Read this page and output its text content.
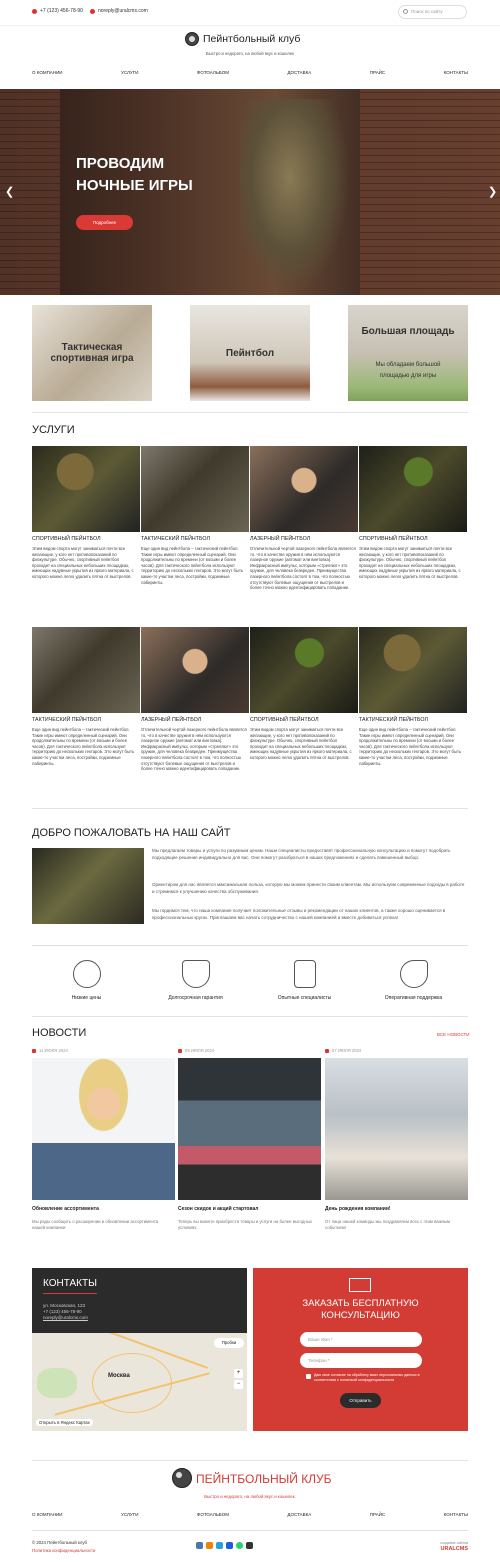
+7 (123) 456-78-90	noreply@uralcms.com	Поиск по сайту
Пейнтбольный клуб
Быстро и недорого, на любой вкус и кошелек
О КОМПАНИИ	УСЛУГИ	ФОТОАЛЬБОМ	ДОСТАВКА	ПРАЙС	КОНТАКТЫ
ПРОВОДИМ
НОЧНЫЕ ИГРЫ
Подробнее
❮	❯
Тактическая спортивная игра	Пейнтбол
Большая площадь
Мы обладаем большой площадью для игры
УСЛУГИ
СПОРТИВНЫЙ ПЕЙНТБОЛ
Этим видом спорта могут заниматься почти все желающие, у кого нет противопоказаний по физкультуре. Обычно, спортивный пейнтбол проходит на специальных небольших площадках, имеющих надувные укрытия из яркого материала, с которого можно легко удалить пятна от выстрелов.
ТАКТИЧЕСКИЙ ПЕЙНТБОЛ
Еще один вид пейнтбола – тактический пейнтбол. Такие игры имеют определенный сценарий. Они продолжительны по времени (от восьми и более часов). Для тактического пейнтбола используют территорию до нескольких гектаров. Это могут быть какие-то участки леса, постройки, подземные лабиринты.
ЛАЗЕРНЫЙ ПЕЙНТБОЛ
Отличительной чертой лазерного пейнтбола является то, что в качестве оружия в нём используются лазерное оружие (автомат или винтовка). Инфракрасный импульс, которым «стреляют» это оружие, для человека безвреден. Преимущества лазерного пейнтбола состоят в том, что полностью отсутствуют болевые ощущения от выстрелов и более точно можно идентифицировать попадание.
СПОРТИВНЫЙ ПЕЙНТБОЛ
Этим видом спорта могут заниматься почти все желающие, у кого нет противопоказаний по физкультуре. Обычно, спортивный пейнтбол проходит на специальных небольших площадках, имеющих надувные укрытия из яркого материала, с которого можно легко удалить пятна от выстрелов.
ТАКТИЧЕСКИЙ ПЕЙНТБОЛ
Еще один вид пейнтбола – тактический пейнтбол. Такие игры имеют определенный сценарий. Они продолжительны по времени (от восьми и более часов). Для тактического пейнтбола используют территорию до нескольких гектаров. Это могут быть какие-то участки леса, постройки, подземные лабиринты.
ЛАЗЕРНЫЙ ПЕЙНТБОЛ
Отличительной чертой лазерного пейнтбола является то, что в качестве оружия в нём используются лазерное оружие (автомат или винтовка). Инфракрасный импульс, которым «стреляют» это оружие, для человека безвреден. Преимущества лазерного пейнтбола состоят в том, что полностью отсутствуют болевые ощущения от выстрелов и более точно можно идентифицировать попадание.
СПОРТИВНЫЙ ПЕЙНТБОЛ
Этим видом спорта могут заниматься почти все желающие, у кого нет противопоказаний по физкультуре. Обычно, спортивный пейнтбол проходит на специальных небольших площадках, имеющих надувные укрытия из яркого материала, с которого можно легко удалить пятна от выстрелов.
ТАКТИЧЕСКИЙ ПЕЙНТБОЛ
Еще один вид пейнтбола – тактический пейнтбол. Такие игры имеют определенный сценарий. Они продолжительны по времени (от восьми и более часов). Для тактического пейнтбола используют территорию до нескольких гектаров. Это могут быть какие-то участки леса, постройки, подземные лабиринты.
ДОБРО ПОЖАЛОВАТЬ НА НАШ САЙТ
Мы предлагаем товары и услуги по разумным ценам. Наши специалисты предоставят профессиональную консультацию и помогут подобрать подходящее решение индивидуально для вас. Они помогут разобраться в наших предложениях и сделать взвешенный выбор.
Ориентиром для нас является максимальная польза, которую мы можем принести своим клиентам. Мы используем современные подходы в работе и стремимся к улучшению качества обслуживания.
Мы гордимся тем, что наша компания получает положительные отзывы и рекомендации от наших клиентов, а также хорошо оценивается в профессиональных кругах. Приглашаем вас начать сотрудничество с нашей компанией и вместе добиваться успеха!
Низкие цены	Долгосрочная гарантия	Опытные специалисты	Оперативная поддержка
НОВОСТИ	ВСЕ НОВОСТИ
11 ИЮЛЯ 2024	09 ИЮЛЯ 2024	07 ИЮЛЯ 2024
Обновление ассортимента	Сезон скидок и акций стартовал	День рождения компании!
Мы рады сообщить о расширении и обновлении ассортимента нашей компании
Теперь вы можете приобрести товары и услуги на более выгодных условиях.
От лица нашей команды мы поздравляем всех с этим важным событием!
КОНТАКТЫ
ул. Московская, 123
+7 (123) 456-78-90
noreply@uralcms.com
Москва
Пробки
+
−
Открыть в Яндекс Картах
ЗАКАЗАТЬ БЕСПЛАТНУЮ
КОНСУЛЬТАЦИЮ
Ваше Имя *
Телефон *
Даю свое согласие на обработку моих персональных данных в соответствии с политикой конфиденциальности
Отправить
ПЕЙНТБОЛЬНЫЙ КЛУБ
Быстро и недорого, на любой вкус и кошелек.
О КОМПАНИИ	УСЛУГИ	ФОТОАЛЬБОМ	ДОСТАВКА	ПРАЙС	КОНТАКТЫ
© 2024 Пейнтбольный клуб
Политика конфиденциальности
создание сайтов
URALCMS
